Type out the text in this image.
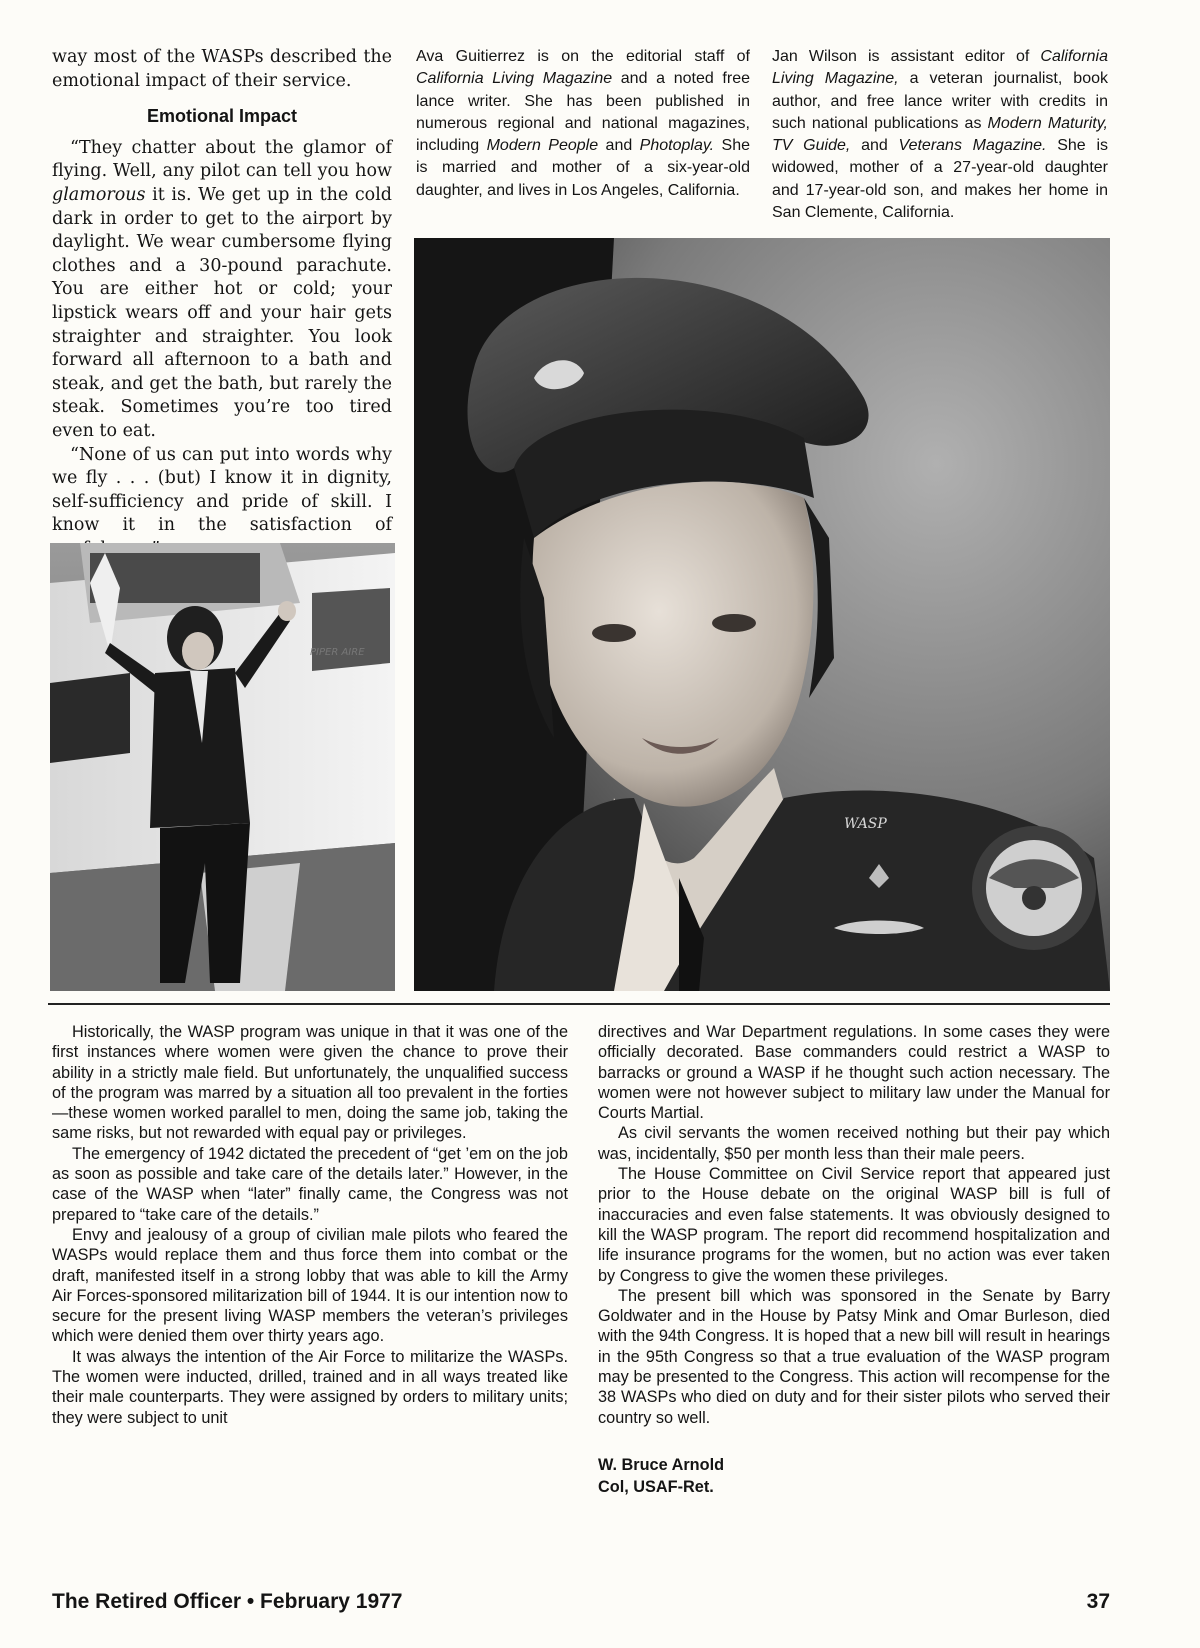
way most of the WASPs described the emotional impact of their service.

Emotional Impact

“They chatter about the glamor of flying. Well, any pilot can tell you how glamorous it is. We get up in the cold dark in order to get to the airport by daylight. We wear cumbersome flying clothes and a 30-pound parachute. You are either hot or cold; your lipstick wears off and your hair gets straighter and straighter. You look forward all afternoon to a bath and steak, and get the bath, but rarely the steak. Sometimes you’re too tired even to eat.

“None of us can put into words why we fly . . . (but) I know it in dignity, self-sufficiency and pride of skill. I know it in the satisfaction of

Ava Guitierrez is on the editorial staff of California Living Magazine and a noted free lance writer. She has been published in numerous regional and national magazines, including Modern People and Photoplay. She is married and mother of a six-year-old daughter, and lives in Los Angeles, California.

Jan Wilson is assistant editor of California Living Magazine, a veteran journalist, book author, and free lance writer with credits in such national publications as Modern Maturity, TV Guide, and Veterans Magazine. She is widowed, mother of a 27-year-old daughter and 17-year-old son, and makes her home in San Clemente, California.

PIPER AIRE
WASP

Historically, the WASP program was unique in that it was one of the first instances where women were given the chance to prove their ability in a strictly male field. But unfortunately, the unqualified success of the program was marred by a situation all too prevalent in the forties—these women worked parallel to men, doing the same job, taking the same risks, but not rewarded with equal pay or privileges.

The emergency of 1942 dictated the precedent of “get ’em on the job as soon as possible and take care of the details later.” However, in the case of the WASP when “later” finally came, the Congress was not prepared to “take care of the details.”

Envy and jealousy of a group of civilian male pilots who feared the WASPs would replace them and thus force them into combat or the draft, manifested itself in a strong lobby that was able to kill the Army Air Forces-sponsored militarization bill of 1944. It is our intention now to secure for the present living WASP members the veteran’s privileges which were denied them over thirty years ago.

It was always the intention of the Air Force to militarize the WASPs. The women were inducted, drilled, trained and in all ways treated like their male counterparts. They were assigned by orders to military units; they were subject to unit

directives and War Department regulations. In some cases they were officially decorated. Base commanders could restrict a WASP to barracks or ground a WASP if he thought such action necessary. The women were not however subject to military law under the Manual for Courts Martial.

As civil servants the women received nothing but their pay which was, incidentally, $50 per month less than their male peers.

The House Committee on Civil Service report that appeared just prior to the House debate on the original WASP bill is full of inaccuracies and even false statements. It was obviously designed to kill the WASP program. The report did recommend hospitalization and life insurance programs for the women, but no action was ever taken by Congress to give the women these privileges.

The present bill which was sponsored in the Senate by Barry Goldwater and in the House by Patsy Mink and Omar Burleson, died with the 94th Congress. It is hoped that a new bill will result in hearings in the 95th Congress so that a true evaluation of the WASP program may be presented to the Congress. This action will recompense for the 38 WASPs who died on duty and for their sister pilots who served their country so well.

W. Bruce Arnold
Col, USAF-Ret.
The Retired Officer • February 1977	37
